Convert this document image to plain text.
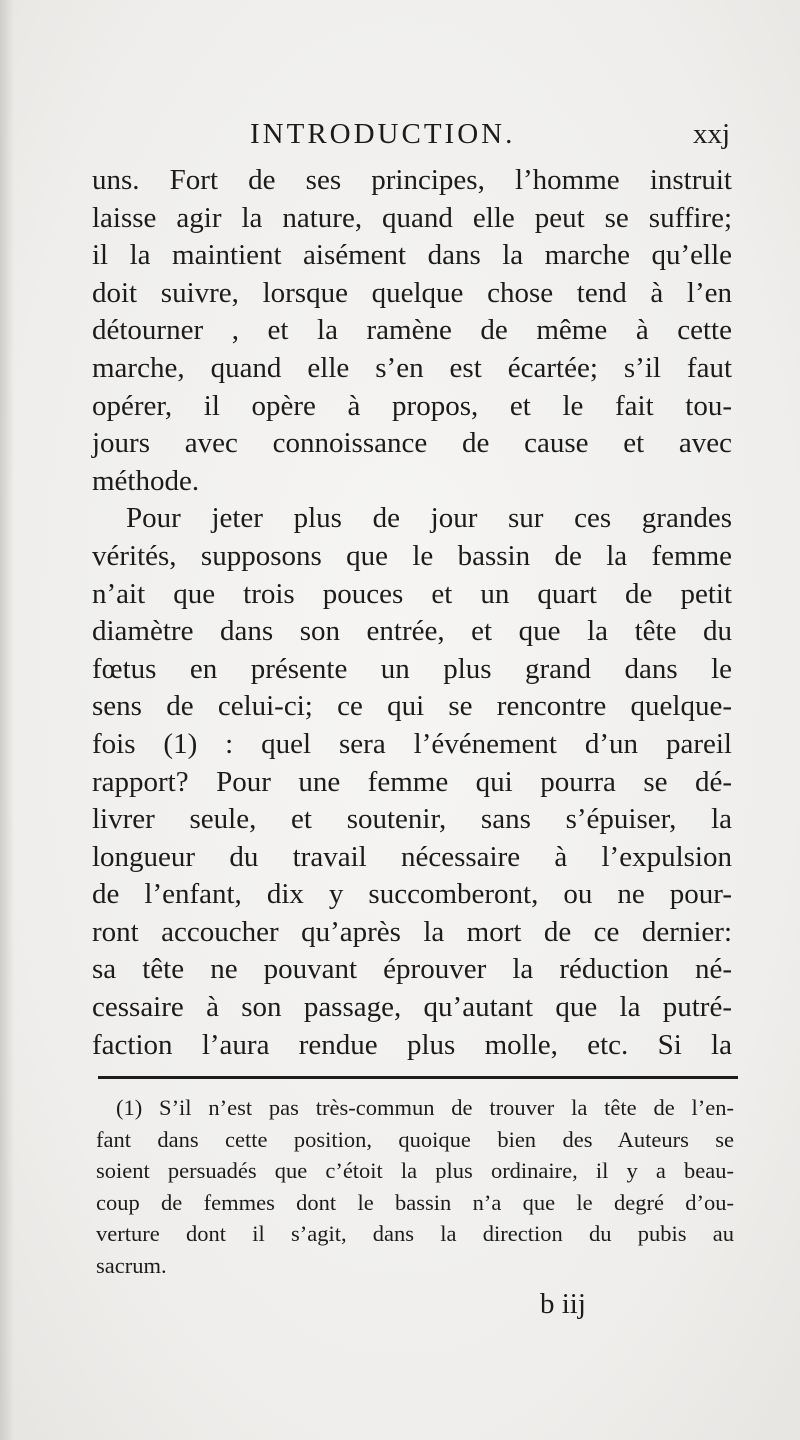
INTRODUCTION.	xxj
uns. Fort de ses principes, l’homme instruit
laisse agir la nature, quand elle peut se suffire;
il la maintient aisément dans la marche qu’elle
doit suivre, lorsque quelque chose tend à l’en
détourner , et la ramène de même à cette
marche, quand elle s’en est écartée; s’il faut
opérer, il opère à propos, et le fait tou-
jours avec connoissance de cause et avec
méthode.
Pour jeter plus de jour sur ces grandes
vérités, supposons que le bassin de la femme
n’ait que trois pouces et un quart de petit
diamètre dans son entrée, et que la tête du
fœtus en présente un plus grand dans le
sens de celui-ci; ce qui se rencontre quelque-
fois (1) : quel sera l’événement d’un pareil
rapport? Pour une femme qui pourra se dé-
livrer seule, et soutenir, sans s’épuiser, la
longueur du travail nécessaire à l’expulsion
de l’enfant, dix y succomberont, ou ne pour-
ront accoucher qu’après la mort de ce dernier:
sa tête ne pouvant éprouver la réduction né-
cessaire à son passage, qu’autant que la putré-
faction l’aura rendue plus molle, etc. Si la
(1) S’il n’est pas très-commun de trouver la tête de l’en-
fant dans cette position, quoique bien des Auteurs se
soient persuadés que c’étoit la plus ordinaire, il y a beau-
coup de femmes dont le bassin n’a que le degré d’ou-
verture dont il s’agit, dans la direction du pubis au
sacrum.
b iij
